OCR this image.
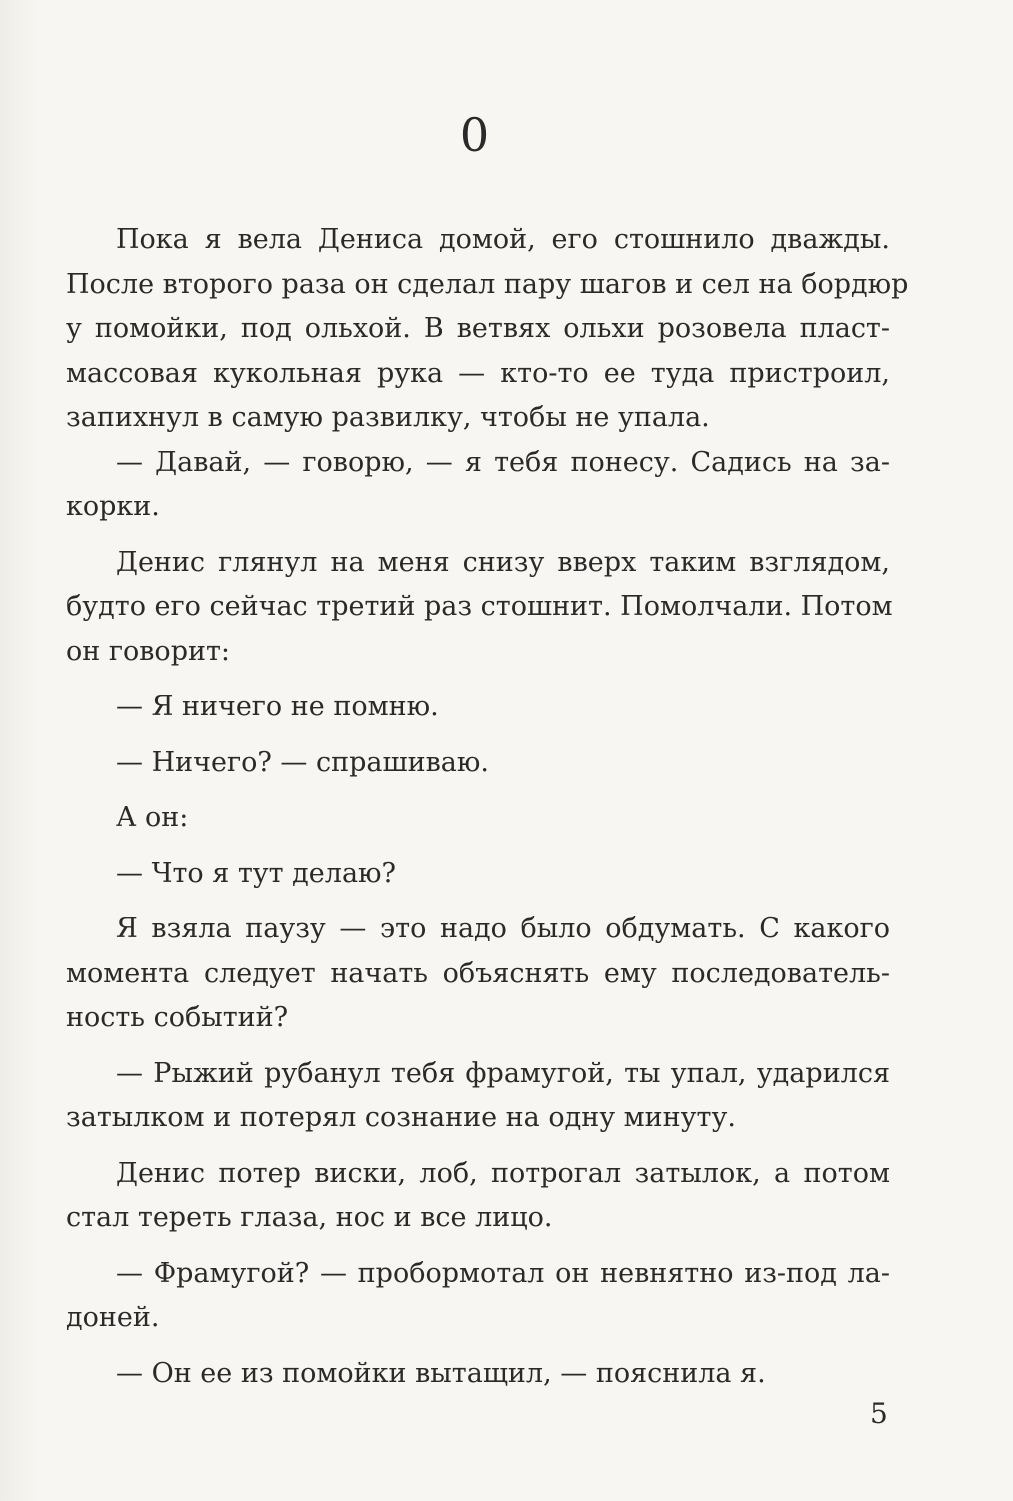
0
Пока я вела Дениса домой, его стошнило дважды.
После второго раза он сделал пару шагов и сел на бордюр
у помойки, под ольхой. В ветвях ольхи розовела пласт-
массовая кукольная рука — кто-то ее туда пристроил,
запихнул в самую развилку, чтобы не упала.
— Давай, — говорю, — я тебя понесу. Садись на за-
корки.
Денис глянул на меня снизу вверх таким взглядом,
будто его сейчас третий раз стошнит. Помолчали. Потом
он говорит:
— Я ничего не помню.
— Ничего? — спрашиваю.
А он:
— Что я тут делаю?
Я взяла паузу — это надо было обдумать. С какого
момента следует начать объяснять ему последователь-
ность событий?
— Рыжий рубанул тебя фрамугой, ты упал, ударился
затылком и потерял сознание на одну минуту.
Денис потер виски, лоб, потрогал затылок, а потом
стал тереть глаза, нос и все лицо.
— Фрамугой? — пробормотал он невнятно из-под ла-
доней.
— Он ее из помойки вытащил, — пояснила я.
5
